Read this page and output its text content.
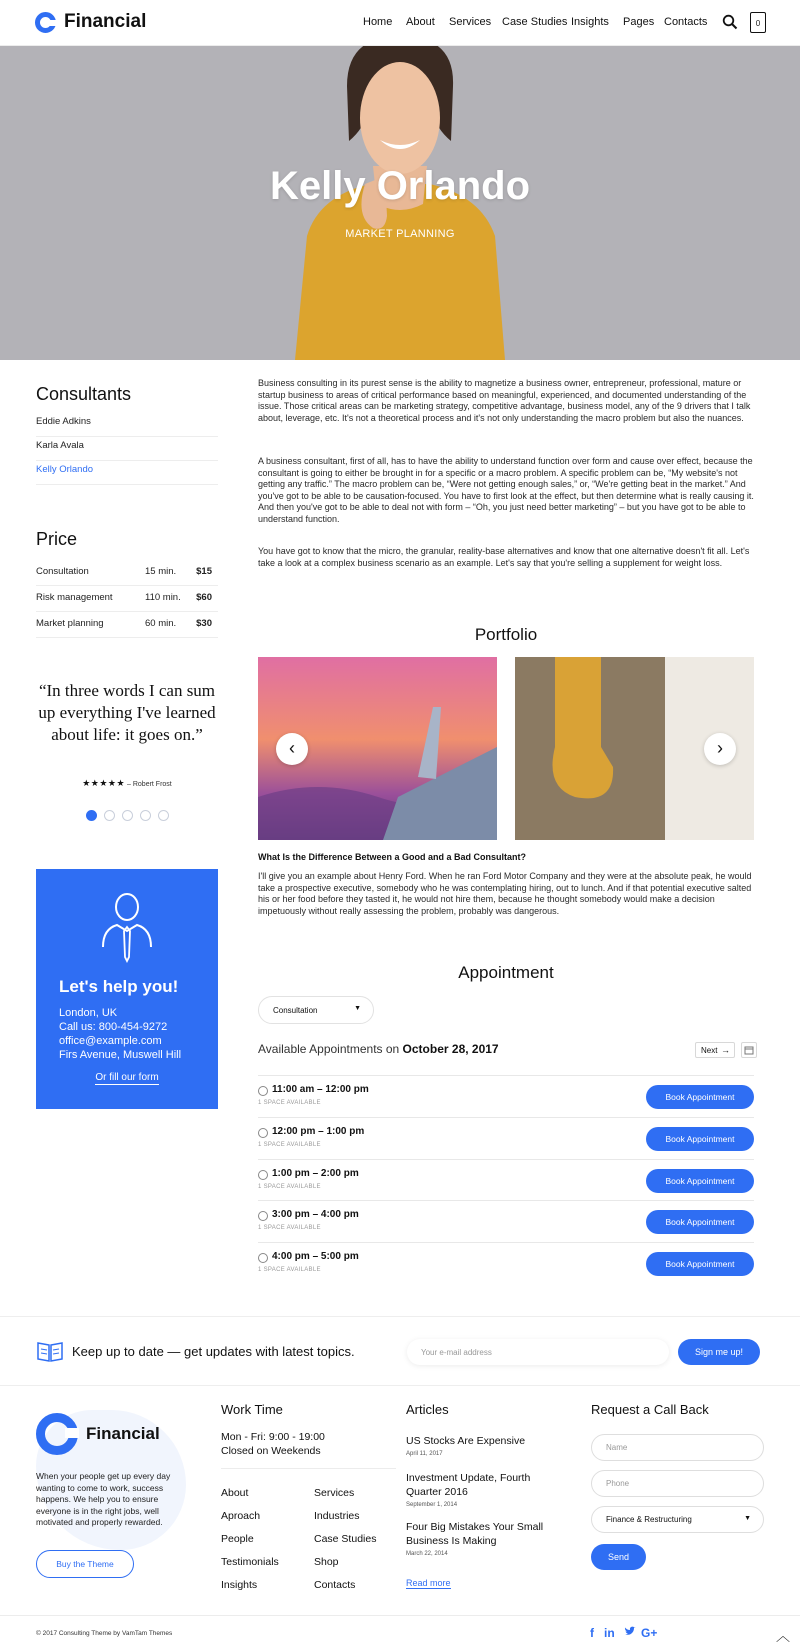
Financial	Home About Services Case Studies Insights Pages Contacts	0
Kelly Orlando
MARKET PLANNING
Consultants
Eddie Adkins
Karla Avala
Kelly Orlando
Price
Consultation	15 min. $15
Risk management	110 min. $60
Market planning	60 min. $30
“In three words I can sum up everything I've learned about life: it goes on.”
★★★★★ – Robert Frost
Let's help you!
London, UK
Call us: 800-454-9272
office@example.com
Firs Avenue, Muswell Hill
Or fill our form

Business consulting in its purest sense is the ability to magnetize a business owner, entrepreneur, professional, mature or startup business to areas of critical performance based on meaningful, experienced, and documented understanding of the issue. Those critical areas can be marketing strategy, competitive advantage, business model, any of the 9 drivers that I talk about, leverage, etc. It's not a theoretical process and it's not only understanding the macro problem but also the nuances.

A business consultant, first of all, has to have the ability to understand function over form and cause over effect, because the consultant is going to either be brought in for a specific or a macro problem. A specific problem can be, “My website's not getting any traffic.” The macro problem can be, “Were not getting enough sales,” or, “We're getting beat in the market.” And you've got to be able to be causation-focused. You have to first look at the effect, but then determine what is really causing it. And then you've got to be able to deal not with form – “Oh, you just need better marketing” – but you have got to be able to understand function.

You have got to know that the micro, the granular, reality-base alternatives and know that one alternative doesn't fit all. Let's take a look at a complex business scenario as an example. Let's say that you're selling a supplement for weight loss.

Portfolio
‹	›
What Is the Difference Between a Good and a Bad Consultant?

I'll give you an example about Henry Ford. When he ran Ford Motor Company and they were at the absolute peak, he would take a prospective executive, somebody who he was contemplating hiring, out to lunch. And if that potential executive salted his or her food before they tasted it, he would not hire them, because he thought somebody would make a decision impetuously without really assessing the problem, probably was dangerous.

Appointment
Consultation	▼
Available Appointments on October 28, 2017	Next →
11:00 am – 12:00 pm
1 SPACE AVAILABLE
Book Appointment
12:00 pm – 1:00 pm
1 SPACE AVAILABLE
Book Appointment
1:00 pm – 2:00 pm
1 SPACE AVAILABLE
Book Appointment
3:00 pm – 4:00 pm
1 SPACE AVAILABLE
Book Appointment
4:00 pm – 5:00 pm
1 SPACE AVAILABLE
Book Appointment
Keep up to date — get updates with latest topics.	Your e-mail address	Sign me up!
Financial

When your people get up every day wanting to come to work, success happens. We help you to ensure everyone is in the right jobs, well motivated and properly rewarded.

Buy the Theme
Work Time
Mon - Fri: 9:00 - 19:00
Closed on Weekends
About
Aproach
People
Testimonials
Insights
Services
Industries
Case Studies
Shop
Contacts
Articles
US Stocks Are Expensive
April 11, 2017
Investment Update, Fourth Quarter 2016
September 1, 2014
Four Big Mistakes Your Small Business Is Making
March 22, 2014
Read more
Request a Call Back
Name
Phone
Finance & Restructuring	▼
Send
© 2017 Consulting Theme by VamTam Themes	f in G+	︿
